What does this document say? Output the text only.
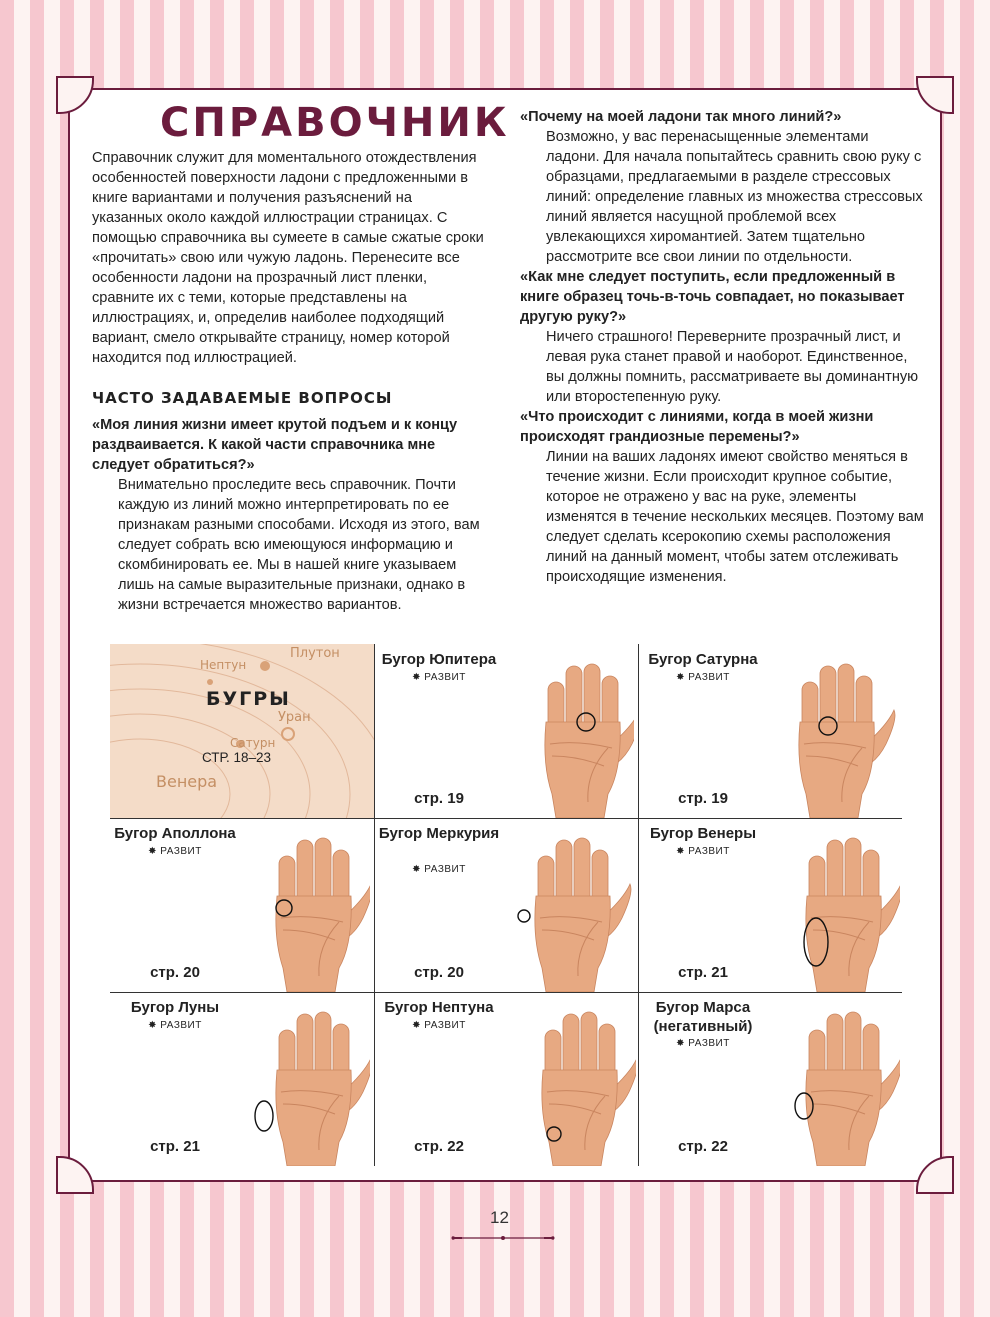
СПРАВОЧНИК

Справочник служит для моментального отождествления особенностей поверхности ладони с предложенными в книге вариантами и получения разъяснений на указанных около каждой иллюстрации страницах. С помощью справочника вы сумеете в самые сжатые сроки «прочитать» свою или чужую ладонь. Перенесите все особенности ладони на прозрачный лист пленки, сравните их с теми, которые представлены на иллюстрациях, и, определив наиболее подходящий вариант, смело открывайте страницу, номер которой находится под иллюстрацией.

ЧАСТО ЗАДАВАЕМЫЕ ВОПРОСЫ

«Моя линия жизни имеет крутой подъем и к концу раздваивается. К какой части справочника мне следует обратиться?»

Внимательно проследите весь справочник. Почти каждую из линий можно интерпретировать по ее признакам разными способами. Исходя из этого, вам следует собрать всю имеющуюся информацию и скомбинировать ее. Мы в нашей книге указываем лишь на самые выразительные признаки, однако в жизни встречается множество вариантов.

«Почему на моей ладони так много линий?»

Возможно, у вас перенасыщенные элементами ладони. Для начала попытайтесь сравнить свою руку с образцами, предлагаемыми в разделе стрессовых линий: определение главных из множества стрессовых линий является насущной проблемой всех увлекающихся хиромантией. Затем тщательно рассмотрите все свои линии по отдельности.

«Как мне следует поступить, если предложенный в книге образец точь-в-точь совпадает, но показывает другую руку?»

Ничего страшного! Переверните прозрачный лист, и левая рука станет правой и наоборот. Единственное, вы должны помнить, рассматриваете вы доминантную или второстепенную руку.

«Что происходит с линиями, когда в моей жизни происходят грандиозные перемены?»

Линии на ваших ладонях имеют свойство меняться в течение жизни. Если происходит крупное событие, которое не отражено у вас на руке, элементы изменятся в течение нескольких месяцев. Поэтому вам следует сделать ксерокопию схемы расположения линий на данный момент, чтобы затем отслеживать происходящие изменения.

Нептун
Плутон
Уран
Сатурн
Венера
БУГРЫ
СТР. 18–23
Бугор Юпитера
✸ РАЗВИТ
стр. 19
Бугор Сатурна
✸ РАЗВИТ
стр. 19
Бугор Аполлона
✸ РАЗВИТ
стр. 20
Бугор Меркурия
✸ РАЗВИТ
стр. 20
Бугор Венеры
✸ РАЗВИТ
стр. 21
Бугор Луны
✸ РАЗВИТ
стр. 21
Бугор Нептуна
✸ РАЗВИТ
стр. 22
Бугор Марса (негативный)
✸ РАЗВИТ
стр. 22
12
